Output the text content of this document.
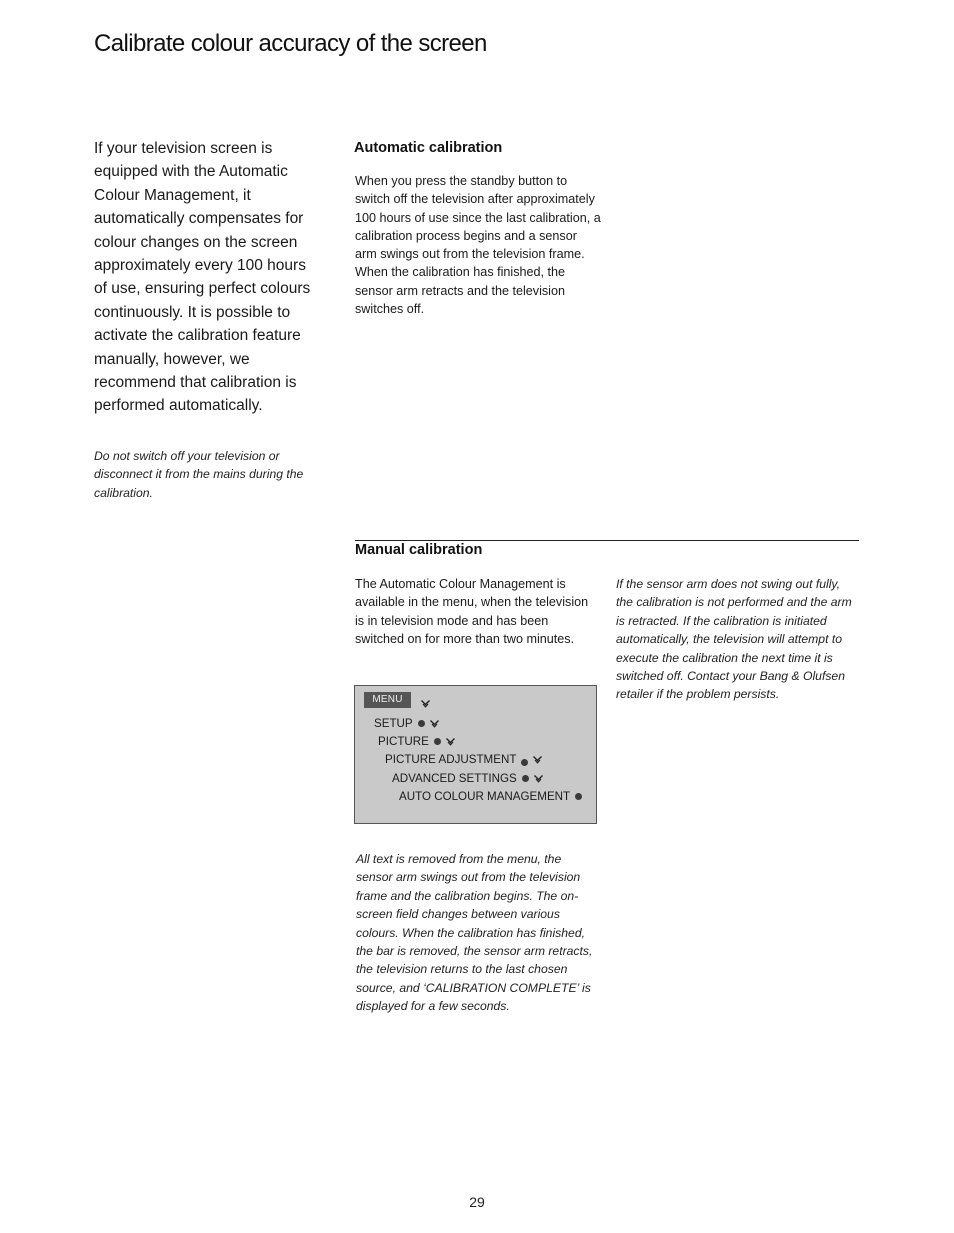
Calibrate colour accuracy of the screen

If your television screen is equipped with the Automatic Colour Management, it automatically compensates for colour changes on the screen approximately every 100 hours of use, ensuring perfect colours continuously. It is possible to activate the calibration feature manually, however, we recommend that calibration is performed automatically.

Do not switch off your television or disconnect it from the mains during the calibration.

Automatic calibration

When you press the standby button to switch off the television after approximately 100 hours of use since the last calibration, a calibration process begins and a sensor arm swings out from the television frame. When the calibration has finished, the sensor arm retracts and the television switches off.

Manual calibration

The Automatic Colour Management is available in the menu, when the television is in television mode and has been switched on for more than two minutes.

If the sensor arm does not swing out fully, the calibration is not performed and the arm is retracted. If the calibration is initiated automatically, the television will attempt to execute the calibration the next time it is switched off. Contact your Bang & Olufsen retailer if the problem persists.

MENU
SETUP
PICTURE
PICTURE ADJUSTMENT
ADVANCED SETTINGS
AUTO COLOUR MANAGEMENT

All text is removed from the menu, the sensor arm swings out from the television frame and the calibration begins. The on-screen field changes between various colours. When the calibration has finished, the bar is removed, the sensor arm retracts, the television returns to the last chosen source, and ‘CALIBRATION COMPLETE’ is displayed for a few seconds.

29
